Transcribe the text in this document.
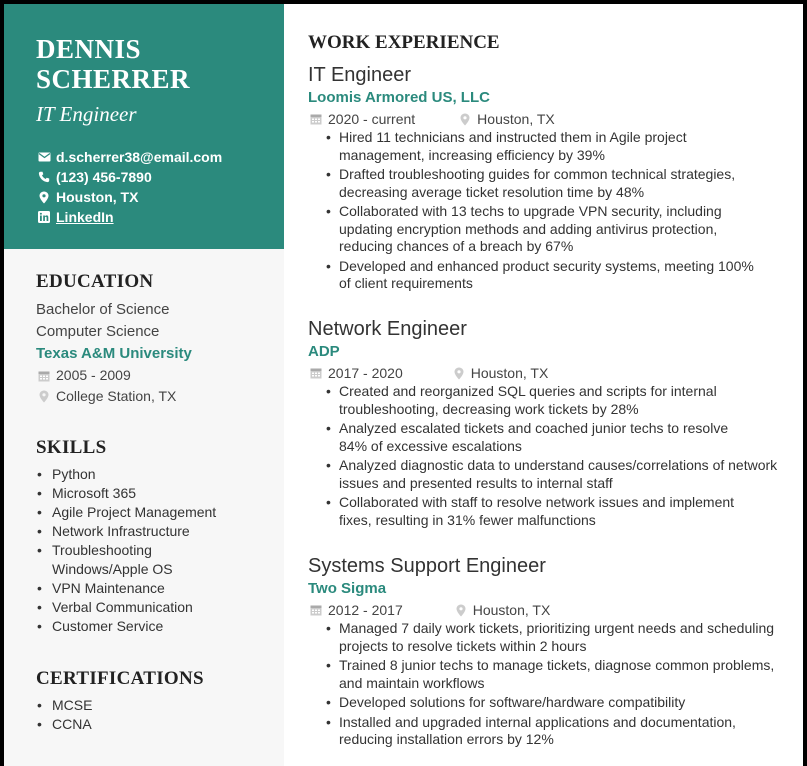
DENNIS
SCHERRER
IT Engineer
d.scherrer38@email.com
(123) 456-7890
Houston, TX
LinkedIn
EDUCATION
Bachelor of Science
Computer Science
Texas A&M University
2005 - 2009
College Station, TX
SKILLS
• Python
• Microsoft 365
• Agile Project Management
• Network Infrastructure
• Troubleshooting Windows/Apple OS
• VPN Maintenance
• Verbal Communication
• Customer Service
CERTIFICATIONS
• MCSE
• CCNA
WORK EXPERIENCE
IT Engineer
Loomis Armored US, LLC
2020 - current	Houston, TX
• Hired 11 technicians and instructed them in Agile project management, increasing efficiency by 39%
• Drafted troubleshooting guides for common technical strategies, decreasing average ticket resolution time by 48%
• Collaborated with 13 techs to upgrade VPN security, including updating encryption methods and adding antivirus protection, reducing chances of a breach by 67%
• Developed and enhanced product security systems, meeting 100% of client requirements
Network Engineer
ADP
2017 - 2020	Houston, TX
• Created and reorganized SQL queries and scripts for internal troubleshooting, decreasing work tickets by 28%
• Analyzed escalated tickets and coached junior techs to resolve 84% of excessive escalations
• Analyzed diagnostic data to understand causes/correlations of network issues and presented results to internal staff
• Collaborated with staff to resolve network issues and implement fixes, resulting in 31% fewer malfunctions
Systems Support Engineer
Two Sigma
2012 - 2017	Houston, TX
• Managed 7 daily work tickets, prioritizing urgent needs and scheduling projects to resolve tickets within 2 hours
• Trained 8 junior techs to manage tickets, diagnose common problems, and maintain workflows
• Developed solutions for software/hardware compatibility
• Installed and upgraded internal applications and documentation, reducing installation errors by 12%
